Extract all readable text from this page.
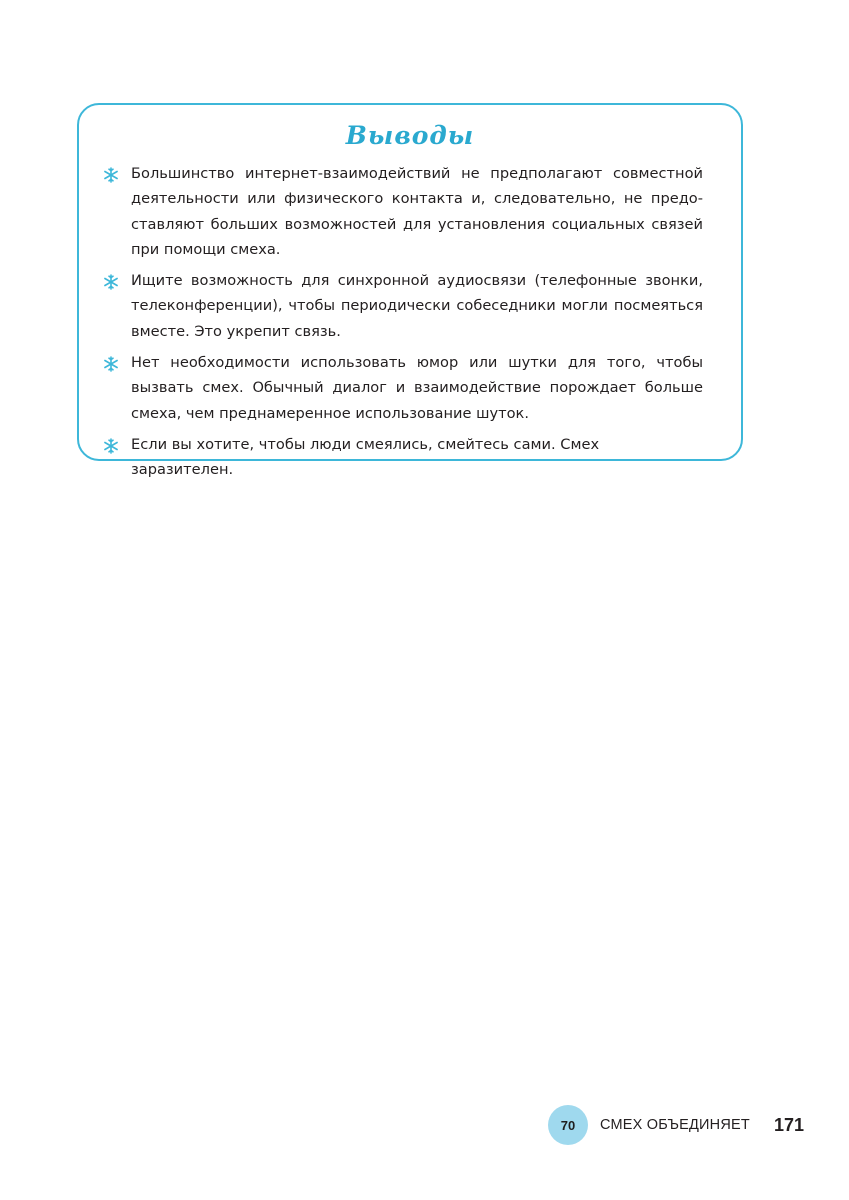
Выводы
Большинство интернет-взаимодействий не предполагают совместной деятельности или физического контакта и, следовательно, не предо-ставляют больших возможностей для установления социальных связей при помощи смеха.
Ищите возможность для синхронной аудиосвязи (телефонные звонки, телеконференции), чтобы периодически собеседники могли посмеяться вместе. Это укрепит связь.
Нет необходимости использовать юмор или шутки для того, чтобы вызвать смех. Обычный диалог и взаимодействие порождает больше смеха, чем преднамеренное использование шуток.
Если вы хотите, чтобы люди смеялись, смейтесь сами. Смех заразителен.
70	СМЕХ ОБЪЕДИНЯЕТ 171
